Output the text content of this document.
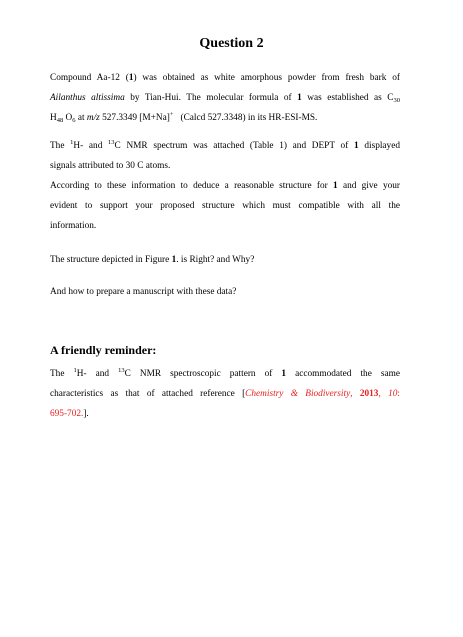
Question 2
Compound Aa-12 (1) was obtained as white amorphous powder from fresh bark of
Ailanthus altissima by Tian-Hui. The molecular formula of 1 was established as $C_{30}$
$H_{48}$ $O_6$ at m/z 527.3349 [M+Na]+   (Calcd 527.3348) in its HR-ESI-MS.
The $^1$H- and $^{13}$C NMR spectrum was attached (Table 1) and DEPT of 1 displayed
signals attributed to 30 C atoms.
According to these information to deduce a reasonable structure for 1 and give your
evident to support your proposed structure which must compatible with all the
information.
The structure depicted in Figure 1. is Right? and Why?
And how to prepare a manuscript with these data?
A friendly reminder:
The $^1$H- and $^{13}$C NMR spectroscopic pattern of 1 accommodated the same
characteristics as that of attached reference [Chemistry & Biodiversity, 2013, 10:
695-702.].
